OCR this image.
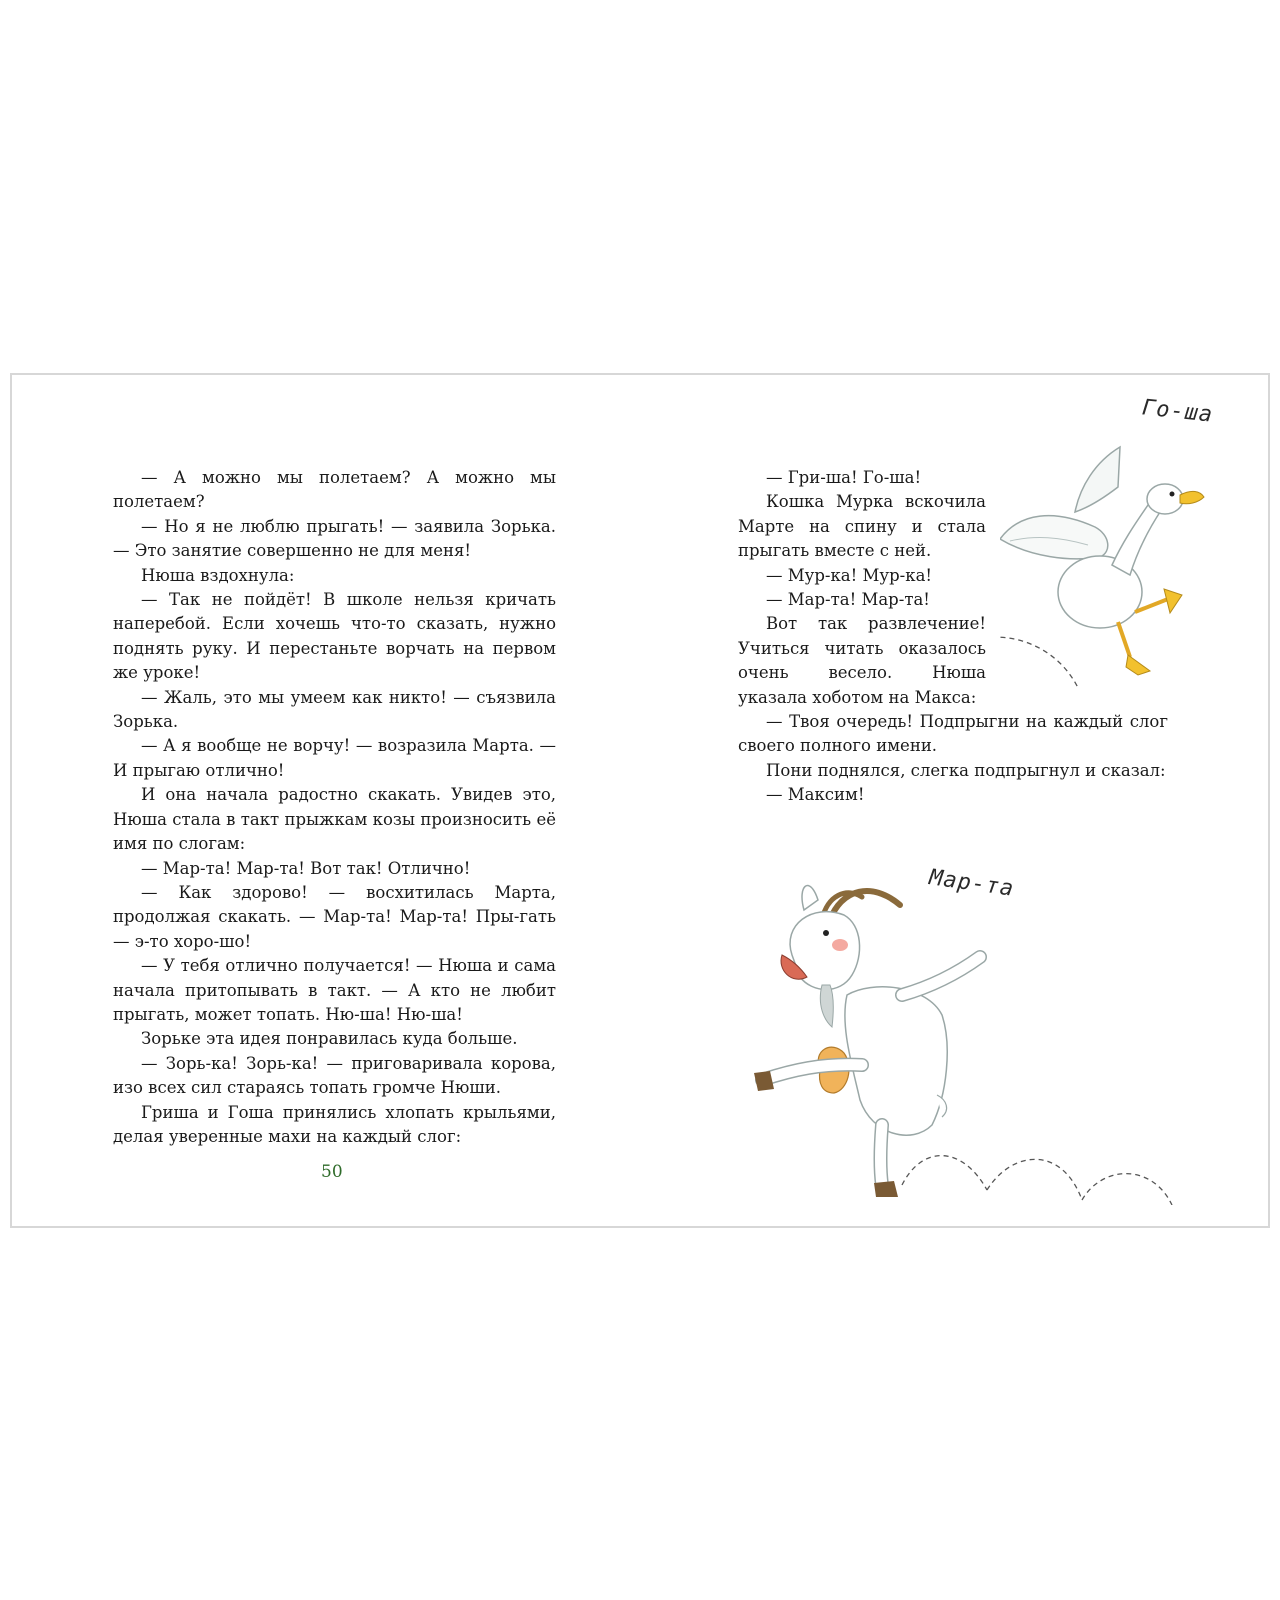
— А можно мы полетаем? А можно мы полетаем?

— Но я не люблю прыгать! — заявила Зорька. — Это занятие совершенно не для меня!

Нюша вздохнула:

— Так не пойдёт! В школе нельзя кричать наперебой. Если хочешь что-то сказать, нужно поднять руку. И перестаньте ворчать на первом же уроке!

— Жаль, это мы умеем как никто! — съязвила Зорька.

— А я вообще не ворчу! — возразила Марта. — И прыгаю отлично!

И она начала радостно скакать. Увидев это, Нюша стала в такт прыжкам козы произносить её имя по слогам:

— Мар-та! Мар-та! Вот так! Отлично!

— Как здорово! — восхитилась Марта, продолжая скакать. — Мар-та! Мар-та! Пры-гать — э-то хоро-шо!

— У тебя отлично получается! — Нюша и сама начала притопывать в такт. — А кто не любит прыгать, может топать. Ню-ша! Ню-ша!

Зорьке эта идея понравилась куда больше.

— Зорь-ка! Зорь-ка! — приговаривала корова, изо всех сил стараясь топать громче Нюши.

Гриша и Гоша принялись хлопать крыльями, делая уверенные махи на каждый слог:

50

— Гри-ша! Го-ша!

Кошка Мурка вскочила Марте на спину и стала прыгать вместе с ней.

— Мур-ка! Мур-ка!

— Мар-та! Мар-та!

Вот так развлечение! Учиться читать оказалось очень весело. Нюша указала хоботом на Макса:

— Твоя очередь! Подпрыгни на каждый слог своего полного имени.

Пони поднялся, слегка подпрыгнул и сказал:

— Максим!

Го-ша
Мар-та
